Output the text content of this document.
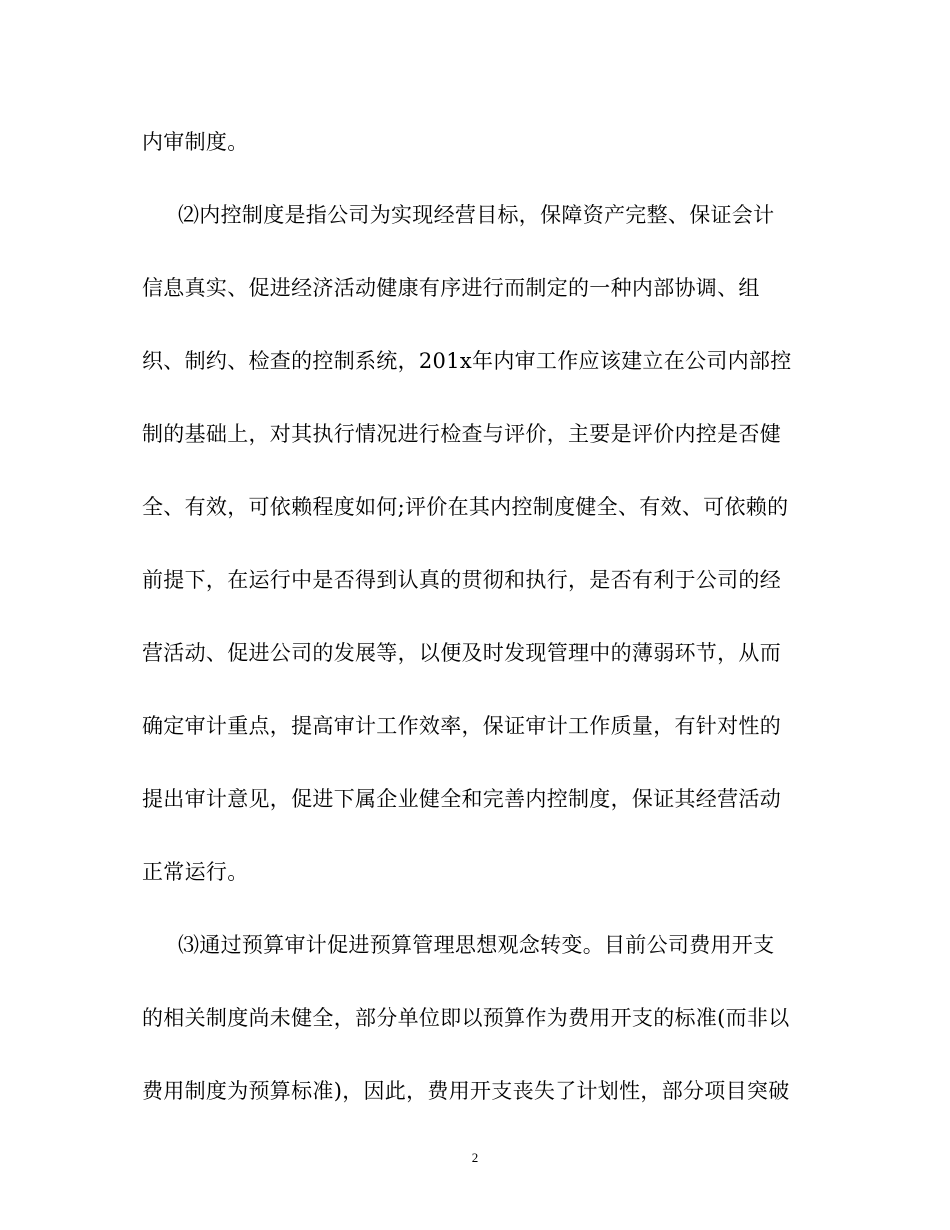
内审制度。
⑵内控制度是指公司为实现经营目标，保障资产完整、保证会计
信息真实、促进经济活动健康有序进行而制定的一种内部协调、组
织、制约、检查的控制系统，201x年内审工作应该建立在公司内部控
制的基础上，对其执行情况进行检查与评价，主要是评价内控是否健
全、有效，可依赖程度如何;评价在其内控制度健全、有效、可依赖的
前提下，在运行中是否得到认真的贯彻和执行，是否有利于公司的经
营活动、促进公司的发展等，以便及时发现管理中的薄弱环节，从而
确定审计重点，提高审计工作效率，保证审计工作质量，有针对性的
提出审计意见，促进下属企业健全和完善内控制度，保证其经营活动
正常运行。
⑶通过预算审计促进预算管理思想观念转变。目前公司费用开支
的相关制度尚未健全，部分单位即以预算作为费用开支的标准(而非以
费用制度为预算标准)，因此，费用开支丧失了计划性，部分项目突破
2
